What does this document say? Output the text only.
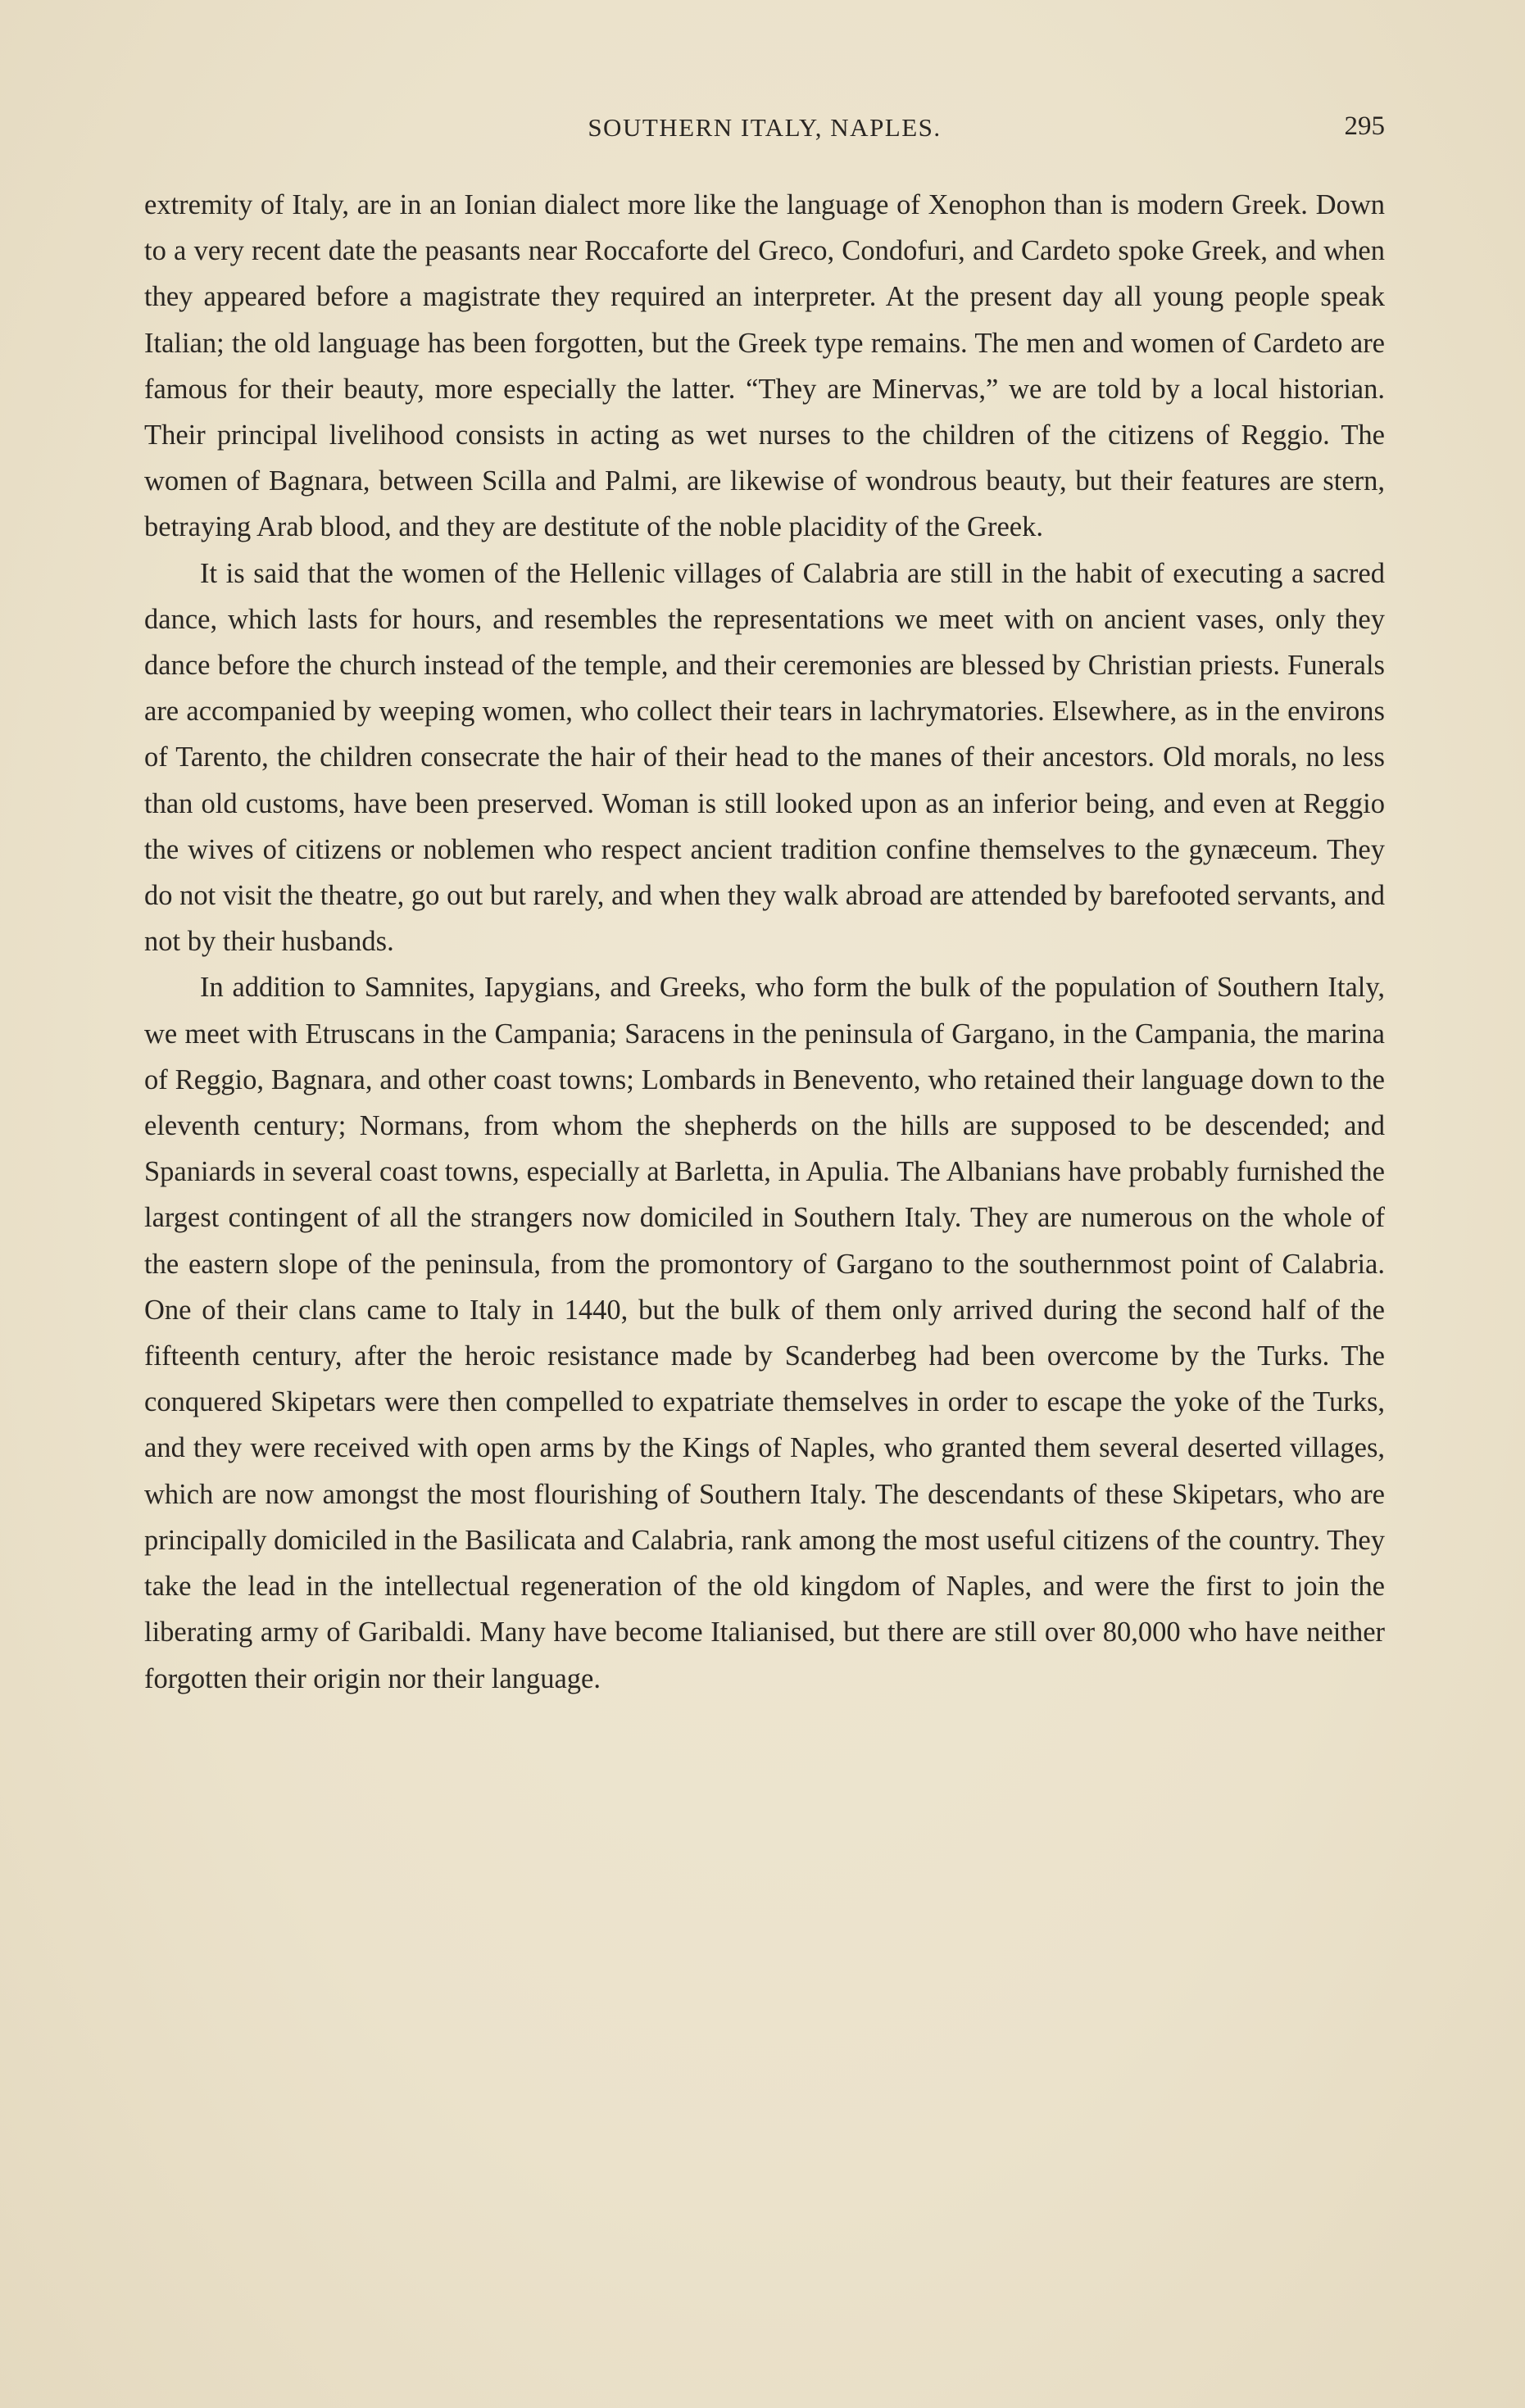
SOUTHERN ITALY, NAPLES.	295

extremity of Italy, are in an Ionian dialect more like the language of Xenophon than is modern Greek. Down to a very recent date the peasants near Roccaforte del Greco, Condofuri, and Cardeto spoke Greek, and when they appeared before a magistrate they required an interpreter. At the present day all young people speak Italian; the old language has been forgotten, but the Greek type remains. The men and women of Cardeto are famous for their beauty, more especially the latter. “They are Minervas,” we are told by a local historian. Their principal livelihood consists in acting as wet nurses to the children of the citizens of Reggio. The women of Bagnara, between Scilla and Palmi, are likewise of wondrous beauty, but their features are stern, betraying Arab blood, and they are destitute of the noble placidity of the Greek.

It is said that the women of the Hellenic villages of Calabria are still in the habit of executing a sacred dance, which lasts for hours, and resembles the representations we meet with on ancient vases, only they dance before the church instead of the temple, and their ceremonies are blessed by Christian priests. Funerals are accompanied by weeping women, who collect their tears in lachrymatories. Elsewhere, as in the environs of Tarento, the children consecrate the hair of their head to the manes of their ancestors. Old morals, no less than old customs, have been preserved. Woman is still looked upon as an inferior being, and even at Reggio the wives of citizens or noblemen who respect ancient tradition confine themselves to the gynæceum. They do not visit the theatre, go out but rarely, and when they walk abroad are attended by barefooted servants, and not by their husbands.

In addition to Samnites, Iapygians, and Greeks, who form the bulk of the population of Southern Italy, we meet with Etruscans in the Campania; Saracens in the peninsula of Gargano, in the Campania, the marina of Reggio, Bagnara, and other coast towns; Lombards in Benevento, who retained their language down to the eleventh century; Normans, from whom the shepherds on the hills are supposed to be descended; and Spaniards in several coast towns, especially at Barletta, in Apulia. The Albanians have probably furnished the largest contingent of all the strangers now domiciled in Southern Italy. They are numerous on the whole of the eastern slope of the peninsula, from the promontory of Gargano to the southernmost point of Calabria. One of their clans came to Italy in 1440, but the bulk of them only arrived during the second half of the fifteenth century, after the heroic resistance made by Scanderbeg had been overcome by the Turks. The conquered Skipetars were then compelled to expatriate themselves in order to escape the yoke of the Turks, and they were received with open arms by the Kings of Naples, who granted them several deserted villages, which are now amongst the most flourishing of Southern Italy. The descendants of these Skipetars, who are principally domiciled in the Basilicata and Calabria, rank among the most useful citizens of the country. They take the lead in the intellectual regeneration of the old kingdom of Naples, and were the first to join the liberating army of Garibaldi. Many have become Italianised, but there are still over 80,000 who have neither forgotten their origin nor their language.
